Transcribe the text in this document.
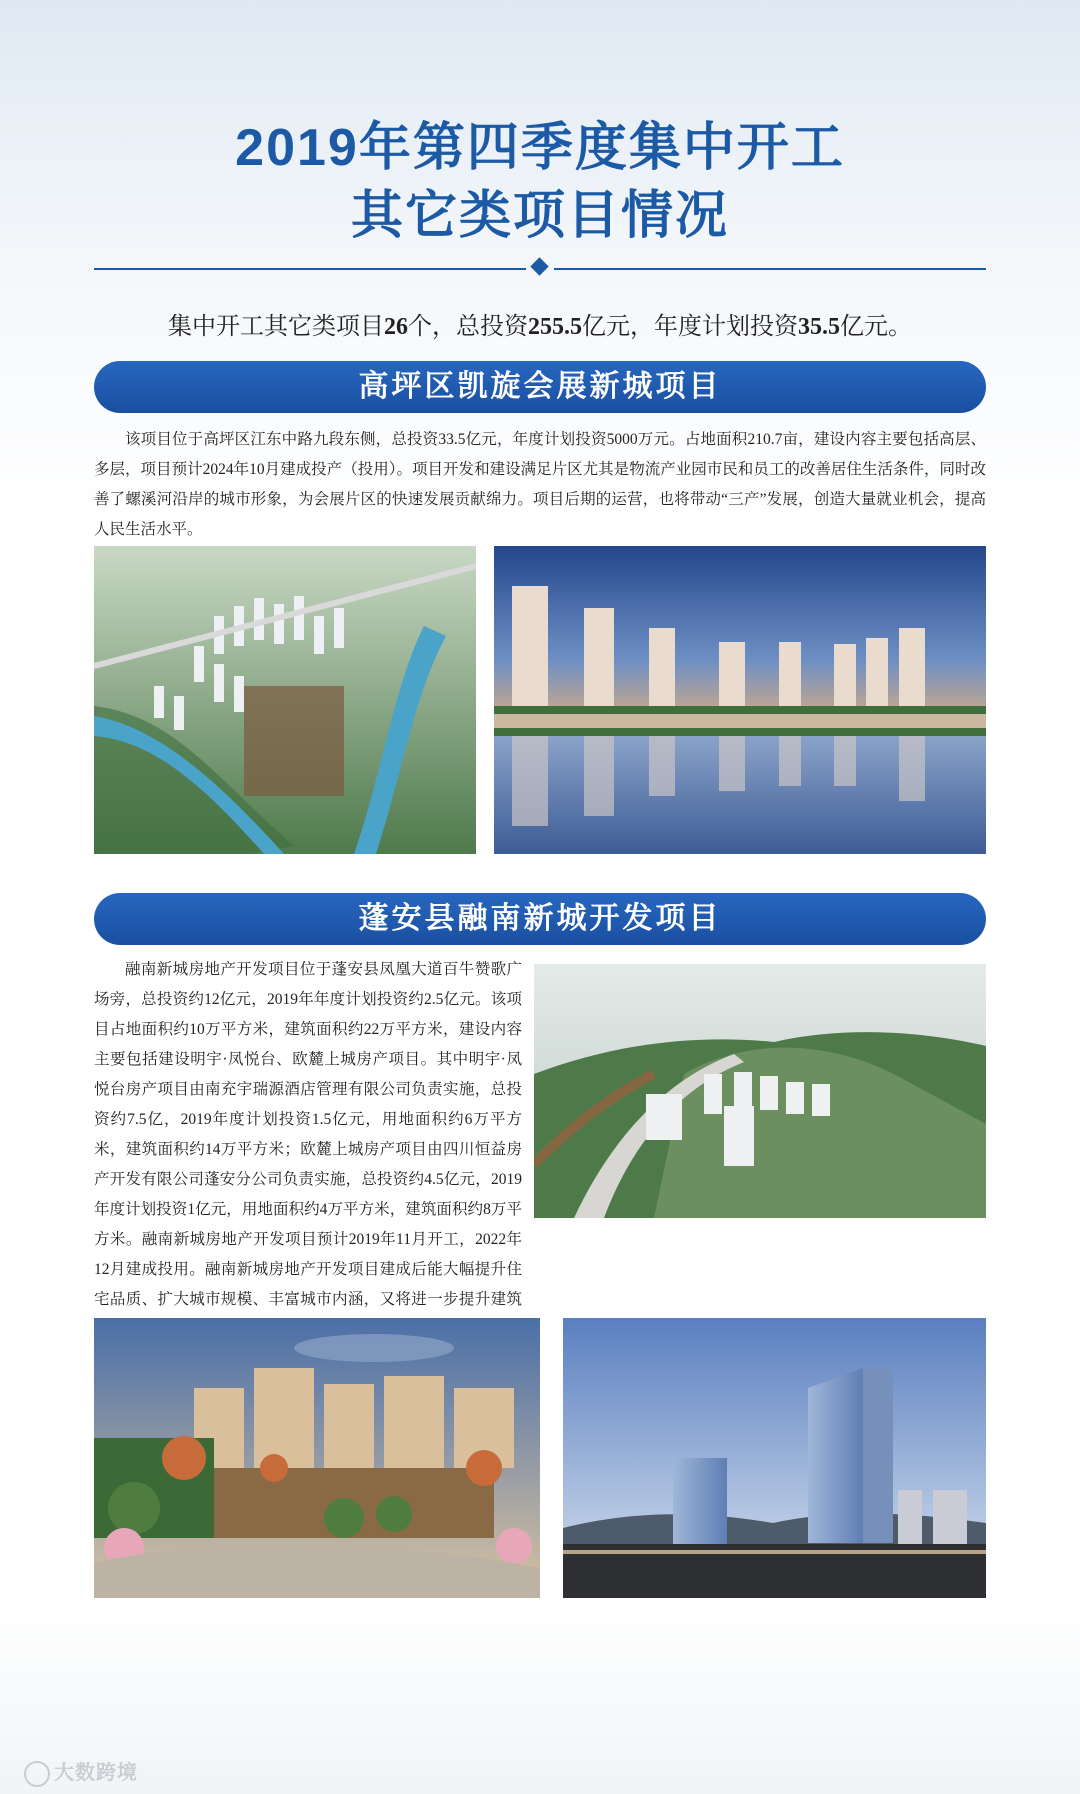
2019年第四季度集中开工
其它类项目情况
集中开工其它类项目26个，总投资255.5亿元，年度计划投资35.5亿元。
高坪区凯旋会展新城项目

该项目位于高坪区江东中路九段东侧，总投资33.5亿元，年度计划投资5000万元。占地面积210.7亩，建设内容主要包括高层、多层，项目预计2024年10月建成投产（投用）。项目开发和建设满足片区尤其是物流产业园市民和员工的改善居住生活条件，同时改善了螺溪河沿岸的城市形象，为会展片区的快速发展贡献绵力。项目后期的运营，也将带动“三产”发展，创造大量就业机会，提高人民生活水平。

蓬安县融南新城开发项目

融南新城房地产开发项目位于蓬安县凤凰大道百牛赞歌广场旁，总投资约12亿元，2019年年度计划投资约2.5亿元。该项目占地面积约10万平方米，建筑面积约22万平方米，建设内容主要包括建设明宇·凤悦台、欧麓上城房产项目。其中明宇·凤悦台房产项目由南充宇瑞源酒店管理有限公司负责实施，总投资约7.5亿，2019年度计划投资1.5亿元，用地面积约6万平方米，建筑面积约14万平方米；欧麓上城房产项目由四川恒益房产开发有限公司蓬安分公司负责实施，总投资约4.5亿元，2019年度计划投资1亿元，用地面积约4万平方米，建筑面积约8万平方米。融南新城房地产开发项目预计2019年11月开工，2022年12月建成投用。融南新城房地产开发项目建成后能大幅提升住宅品质、扩大城市规模、丰富城市内涵，又将进一步提升建筑

大数跨境
